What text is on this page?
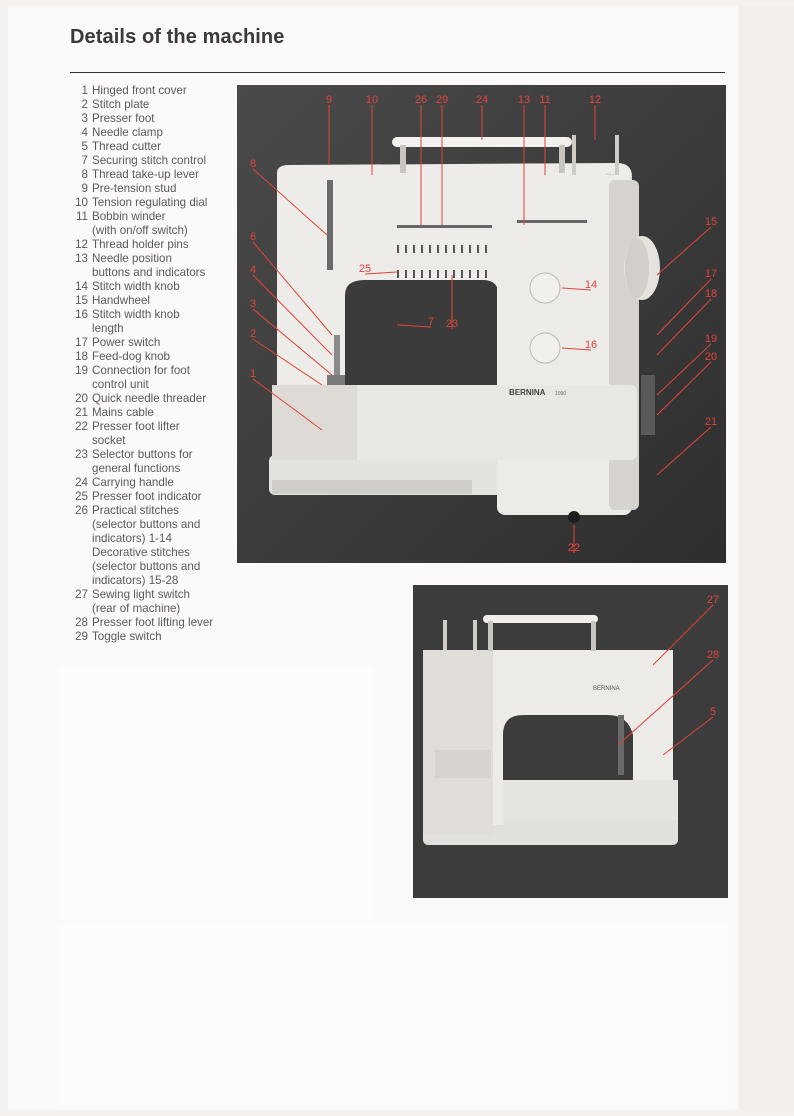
Details of the machine
1 Hinged front cover
2 Stitch plate
3 Presser foot
4 Needle clamp
5 Thread cutter
7 Securing stitch control
8 Thread take-up lever
9 Pre-tension stud
10 Tension regulating dial
11 Bobbin winder
(with on/off switch)
12 Thread holder pins
13 Needle position
buttons and indicators
14 Stitch width knob
15 Handwheel
16 Stitch width knob
length
17 Power switch
18 Feed-dog knob
19 Connection for foot
control unit
20 Quick needle threader
21 Mains cable
22 Presser foot lifter
socket
23 Selector buttons for
general functions
24 Carrying handle
25 Presser foot indicator
26 Practical stitches
(selector buttons and
indicators) 1-14
Decorative stitches
(selector buttons and
indicators) 15-28
27 Sewing light switch
(rear of machine)
28 Presser foot lifting lever
29 Toggle switch
BERNINA 1090
9	10	26 29	24	13 11	12
8
15
6
25
7 23
14
17
18
4
3
16
2	19
20
1
21
22
BERNINA
27
28
5
